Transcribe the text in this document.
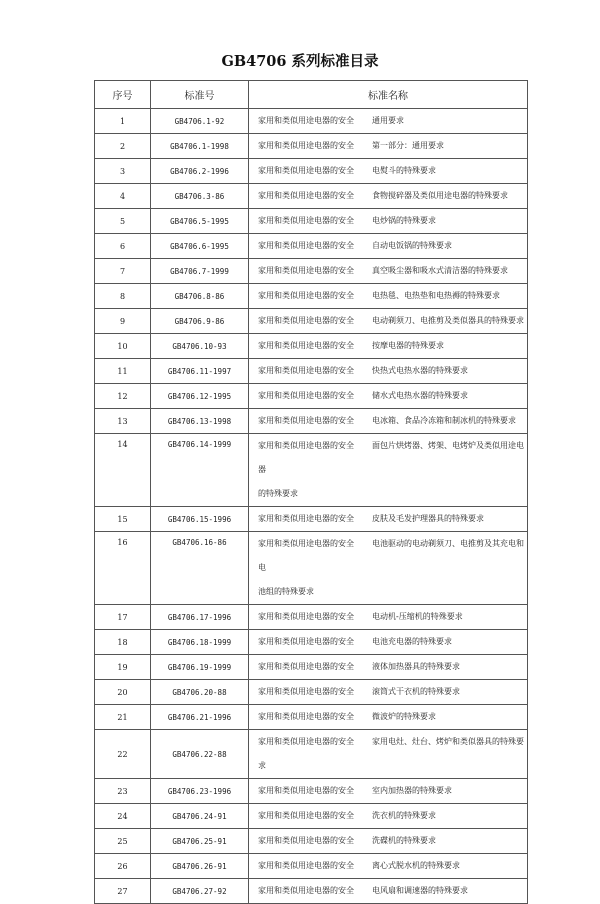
GB4706 系列标准目录
序号	标准号	标准名称
1	GB4706.1-92	家用和类似用途电器的安全 通用要求
2	GB4706.1-1998	家用和类似用途电器的安全 第一部分：通用要求
3	GB4706.2-1996	家用和类似用途电器的安全 电熨斗的特殊要求
4	GB4706.3-86	家用和类似用途电器的安全 食物搅碎器及类似用途电器的特殊要求
5	GB4706.5-1995	家用和类似用途电器的安全 电炒锅的特殊要求
6	GB4706.6-1995	家用和类似用途电器的安全 自动电饭锅的特殊要求
7	GB4706.7-1999	家用和类似用途电器的安全 真空吸尘器和吸水式清洁器的特殊要求
8	GB4706.8-86	家用和类似用途电器的安全 电热毯、电热垫和电热褥的特殊要求
9	GB4706.9-86	家用和类似用途电器的安全 电动剃须刀、电推剪及类似器具的特殊要求
10	GB4706.10-93	家用和类似用途电器的安全 按摩电器的特殊要求
11	GB4706.11-1997	家用和类似用途电器的安全 快热式电热水器的特殊要求
12	GB4706.12-1995	家用和类似用途电器的安全 储水式电热水器的特殊要求
13	GB4706.13-1998	家用和类似用途电器的安全 电冰箱、食品冷冻箱和制冰机的特殊要求
14	GB4706.14-1999	家用和类似用途电器的安全 面包片烘烤器、烤架、电烤炉及类似用途电器
的特殊要求
15	GB4706.15-1996	家用和类似用途电器的安全 皮肤及毛发护理器具的特殊要求
16	GB4706.16-86	家用和类似用途电器的安全 电池驱动的电动剃须刀、电推剪及其充电和电
池组的特殊要求
17	GB4706.17-1996	家用和类似用途电器的安全 电动机-压缩机的特殊要求
18	GB4706.18-1999	家用和类似用途电器的安全 电池充电器的特殊要求
19	GB4706.19-1999	家用和类似用途电器的安全 液体加热器具的特殊要求
20	GB4706.20-88	家用和类似用途电器的安全 滚筒式干衣机的特殊要求
21	GB4706.21-1996	家用和类似用途电器的安全 微波炉的特殊要求
22	GB4706.22-88	家用和类似用途电器的安全 家用电灶、灶台、烤炉和类似器具的特殊要求
23	GB4706.23-1996	家用和类似用途电器的安全 室内加热器的特殊要求
24	GB4706.24-91	家用和类似用途电器的安全 洗衣机的特殊要求
25	GB4706.25-91	家用和类似用途电器的安全 洗碟机的特殊要求
26	GB4706.26-91	家用和类似用途电器的安全 离心式脱水机的特殊要求
27	GB4706.27-92	家用和类似用途电器的安全 电风扇和调速器的特殊要求
